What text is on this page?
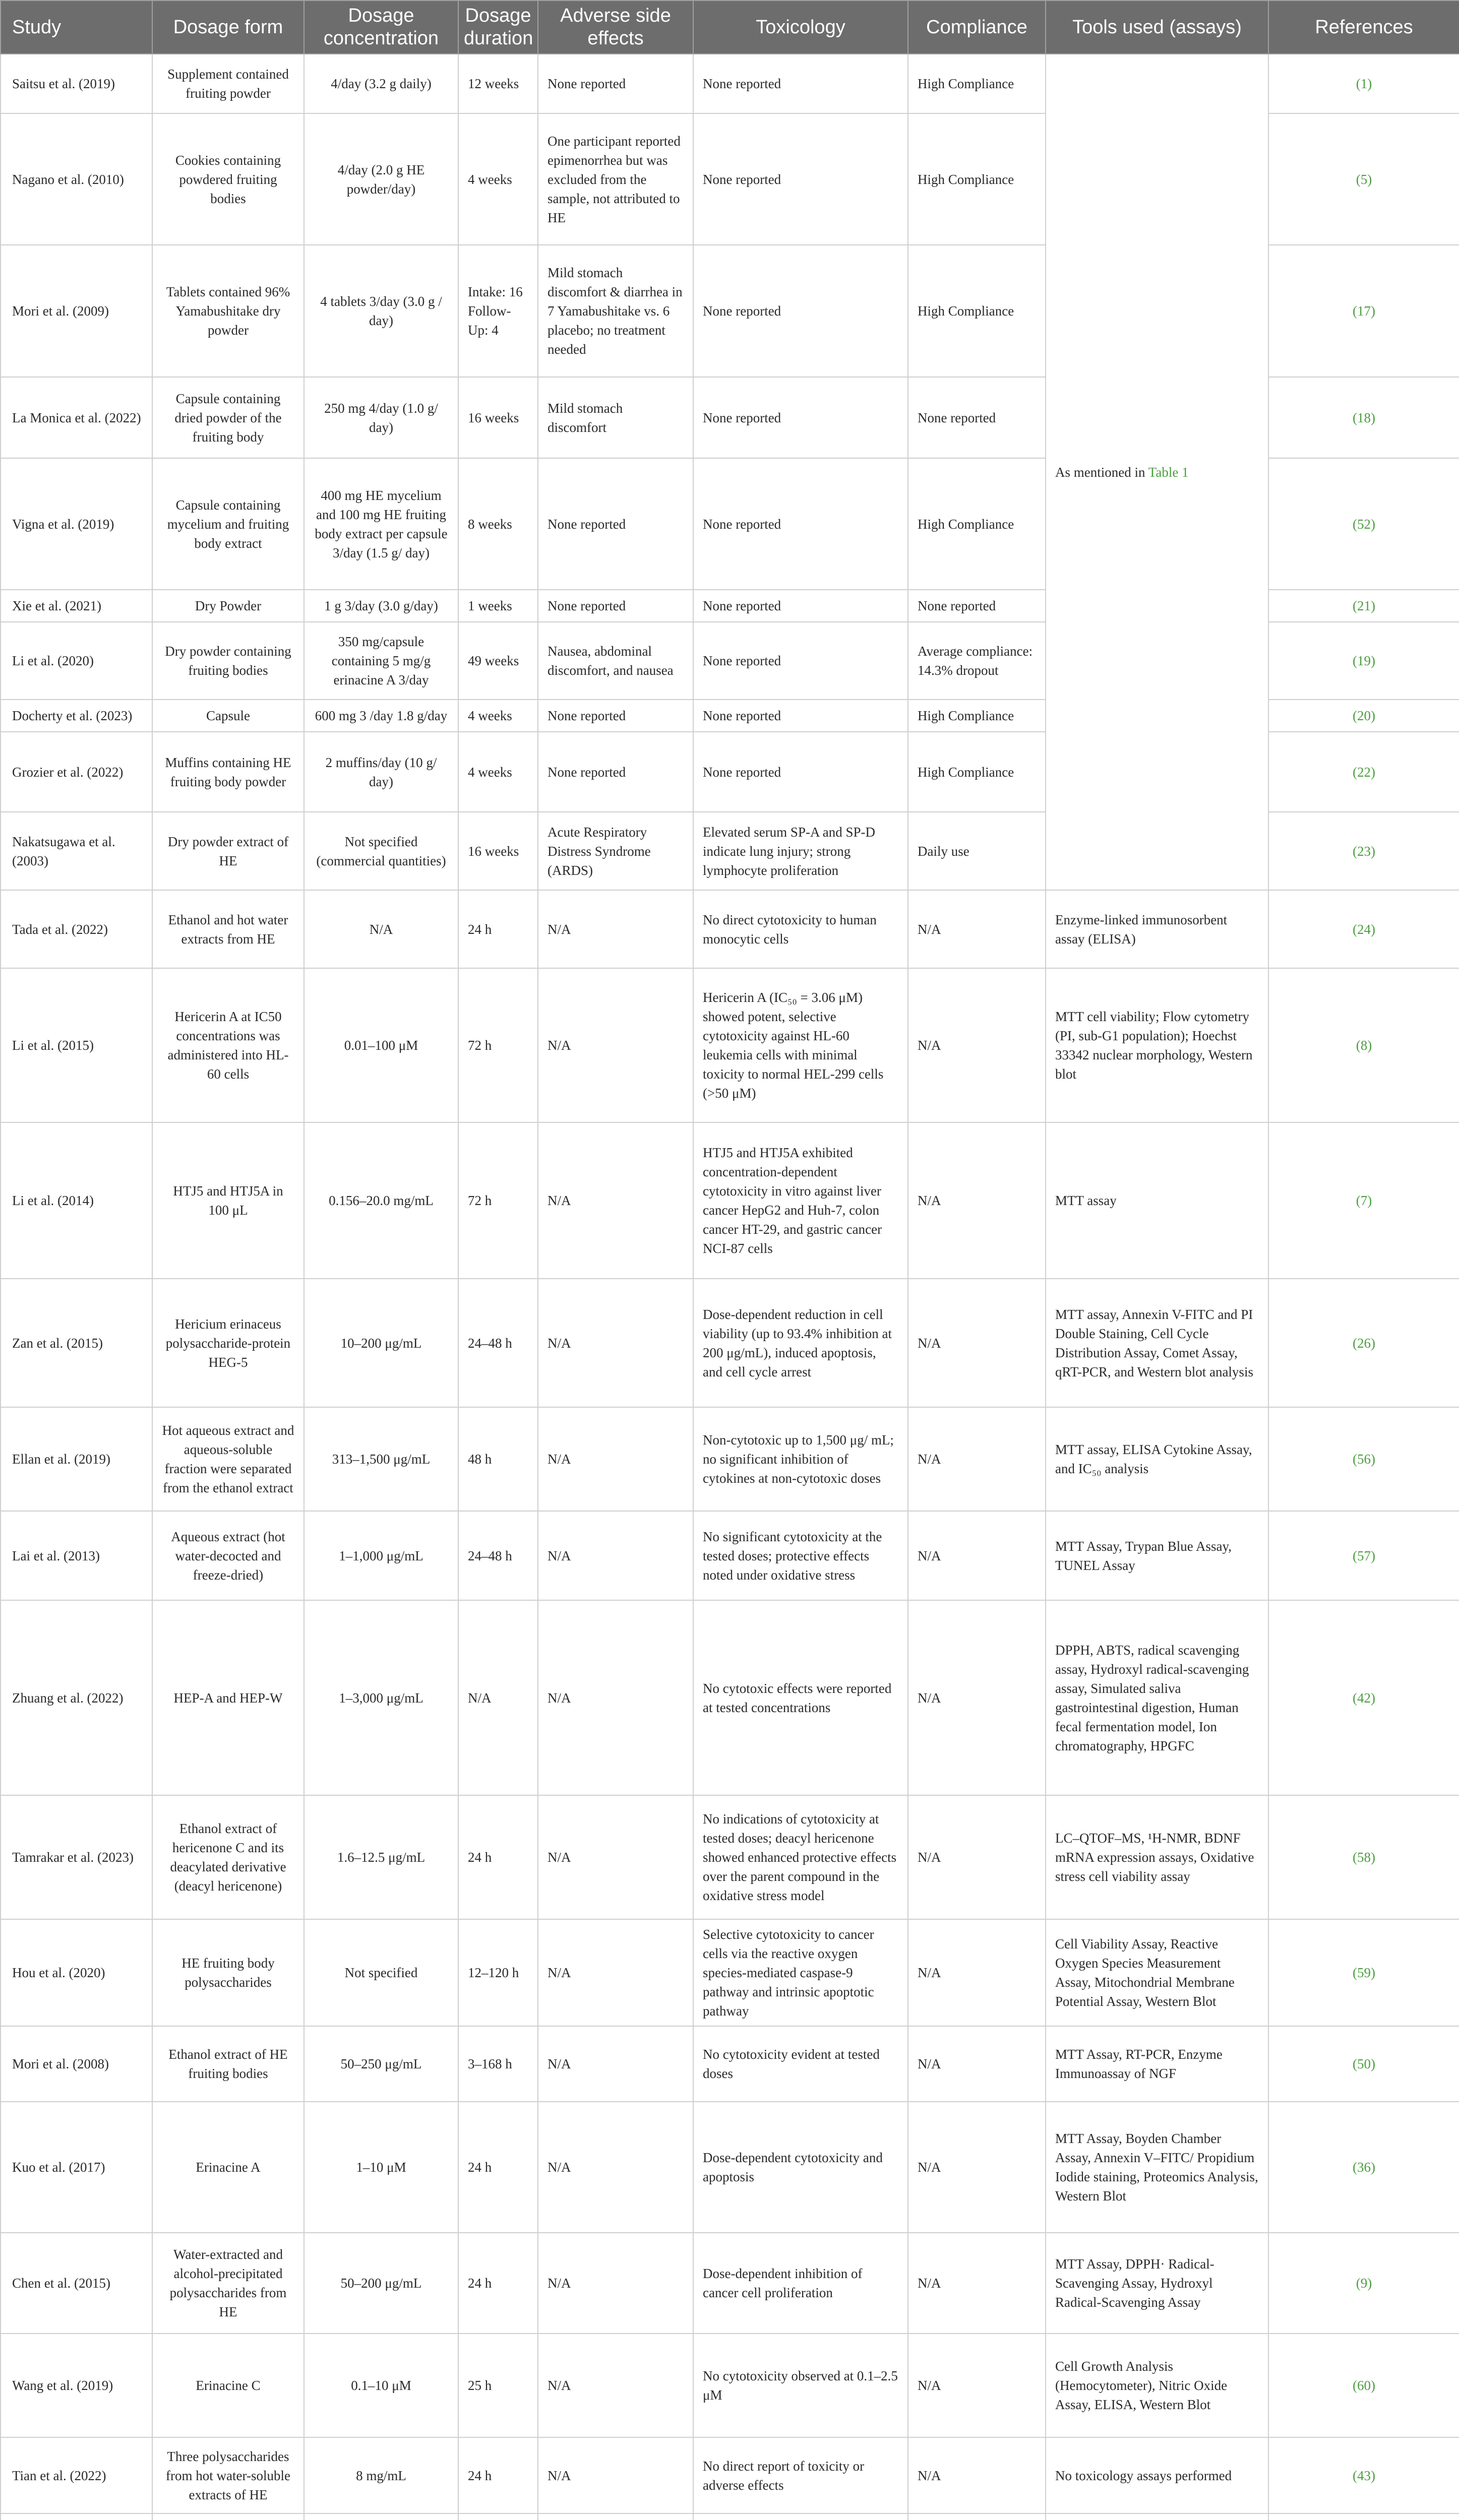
Study	Dosage form	Dosage concentration	Dosage duration	Adverse side effects	Toxicology	Compliance	Tools used (assays)	References
Saitsu et al. (2019)	Supplement contained fruiting powder	4/day (3.2 g daily)	12 weeks	None reported	None reported	High Compliance	As mentioned in Table 1	(1)
Nagano et al. (2010)	Cookies containing powdered fruiting bodies	4/day (2.0 g HE powder/day)	4 weeks	One participant reported epimenorrhea but was excluded from the sample, not attributed to HE	None reported	High Compliance		(5)
Mori et al. (2009)	Tablets contained 96% Yamabushitake dry powder	4 tablets 3/day (3.0 g / day)	Intake: 16 Follow-Up: 4	Mild stomach discomfort & diarrhea in 7 Yamabushitake vs. 6 placebo; no treatment needed	None reported	High Compliance		(17)
La Monica et al. (2022)	Capsule containing dried powder of the fruiting body	250 mg 4/day (1.0 g/ day)	16 weeks	Mild stomach discomfort	None reported	None reported		(18)
Vigna et al. (2019)	Capsule containing mycelium and fruiting body extract	400 mg HE mycelium and 100 mg HE fruiting body extract per capsule 3/day (1.5 g/ day)	8 weeks	None reported	None reported	High Compliance		(52)
Xie et al. (2021)	Dry Powder	1 g 3/day (3.0 g/day)	1 weeks	None reported	None reported	None reported		(21)
Li et al. (2020)	Dry powder containing fruiting bodies	350 mg/capsule containing 5 mg/g erinacine A 3/day	49 weeks	Nausea, abdominal discomfort, and nausea	None reported	Average compliance: 14.3% dropout		(19)
Docherty et al. (2023)	Capsule	600 mg 3 /day 1.8 g/day	4 weeks	None reported	None reported	High Compliance		(20)
Grozier et al. (2022)	Muffins containing HE fruiting body powder	2 muffins/day (10 g/ day)	4 weeks	None reported	None reported	High Compliance		(22)
Nakatsugawa et al. (2003)	Dry powder extract of HE	Not specified (commercial quantities)	16 weeks	Acute Respiratory Distress Syndrome (ARDS)	Elevated serum SP-A and SP-D indicate lung injury; strong lymphocyte proliferation	Daily use		(23)
Tada et al. (2022)	Ethanol and hot water extracts from HE	N/A	24 h	N/A	No direct cytotoxicity to human monocytic cells	N/A	Enzyme-linked immunosorbent assay (ELISA)	(24)
Li et al. (2015)	Hericerin A at IC50 concentrations was administered into HL-60 cells	0.01–100 μM	72 h	N/A	Hericerin A (IC₅₀ = 3.06 μM) showed potent, selective cytotoxicity against HL-60 leukemia cells with minimal toxicity to normal HEL-299 cells (>50 μM)	N/A	MTT cell viability; Flow cytometry (PI, sub-G1 population); Hoechst 33342 nuclear morphology, Western blot	(8)
Li et al. (2014)	HTJ5 and HTJ5A in 100 μL	0.156–20.0 mg/mL	72 h	N/A	HTJ5 and HTJ5A exhibited concentration-dependent cytotoxicity in vitro against liver cancer HepG2 and Huh-7, colon cancer HT-29, and gastric cancer NCI-87 cells	N/A	MTT assay	(7)
Zan et al. (2015)	Hericium erinaceus polysaccharide-protein HEG-5	10–200 μg/mL	24–48 h	N/A	Dose-dependent reduction in cell viability (up to 93.4% inhibition at 200 μg/mL), induced apoptosis, and cell cycle arrest	N/A	MTT assay, Annexin V-FITC and PI Double Staining, Cell Cycle Distribution Assay, Comet Assay, qRT-PCR, and Western blot analysis	(26)
Ellan et al. (2019)	Hot aqueous extract and aqueous-soluble fraction were separated from the ethanol extract	313–1,500 μg/mL	48 h	N/A	Non-cytotoxic up to 1,500 μg/ mL; no significant inhibition of cytokines at non-cytotoxic doses	N/A	MTT assay, ELISA Cytokine Assay, and IC₅₀ analysis	(56)
Lai et al. (2013)	Aqueous extract (hot water-decocted and freeze-dried)	1–1,000 μg/mL	24–48 h	N/A	No significant cytotoxicity at the tested doses; protective effects noted under oxidative stress	N/A	MTT Assay, Trypan Blue Assay, TUNEL Assay	(57)
Zhuang et al. (2022)	HEP-A and HEP-W	1–3,000 μg/mL	N/A	N/A	No cytotoxic effects were reported at tested concentrations	N/A	DPPH, ABTS, radical scavenging assay, Hydroxyl radical-scavenging assay, Simulated saliva gastrointestinal digestion, Human fecal fermentation model, Ion chromatography, HPGFC	(42)
Tamrakar et al. (2023)	Ethanol extract of hericenone C and its deacylated derivative (deacyl hericenone)	1.6–12.5 μg/mL	24 h	N/A	No indications of cytotoxicity at tested doses; deacyl hericenone showed enhanced protective effects over the parent compound in the oxidative stress model	N/A	LC–QTOF–MS, ¹H-NMR, BDNF mRNA expression assays, Oxidative stress cell viability assay	(58)
Hou et al. (2020)	HE fruiting body polysaccharides	Not specified	12–120 h	N/A	Selective cytotoxicity to cancer cells via the reactive oxygen species-mediated caspase-9 pathway and intrinsic apoptotic pathway	N/A	Cell Viability Assay, Reactive Oxygen Species Measurement Assay, Mitochondrial Membrane Potential Assay, Western Blot	(59)
Mori et al. (2008)	Ethanol extract of HE fruiting bodies	50–250 μg/mL	3–168 h	N/A	No cytotoxicity evident at tested doses	N/A	MTT Assay, RT-PCR, Enzyme Immunoassay of NGF	(50)
Kuo et al. (2017)	Erinacine A	1–10 μM	24 h	N/A	Dose-dependent cytotoxicity and apoptosis	N/A	MTT Assay, Boyden Chamber Assay, Annexin V–FITC/ Propidium Iodide staining, Proteomics Analysis, Western Blot	(36)
Chen et al. (2015)	Water-extracted and alcohol-precipitated polysaccharides from HE	50–200 μg/mL	24 h	N/A	Dose-dependent inhibition of cancer cell proliferation	N/A	MTT Assay, DPPH· Radical-Scavenging Assay, Hydroxyl Radical-Scavenging Assay	(9)
Wang et al. (2019)	Erinacine C	0.1–10 μM	25 h	N/A	No cytotoxicity observed at 0.1–2.5 μM	N/A	Cell Growth Analysis (Hemocytometer), Nitric Oxide Assay, ELISA, Western Blot	(60)
Tian et al. (2022)	Three polysaccharides from hot water-soluble extracts of HE	8 mg/mL	24 h	N/A	No direct report of toxicity or adverse effects	N/A	No toxicology assays performed	(43)
